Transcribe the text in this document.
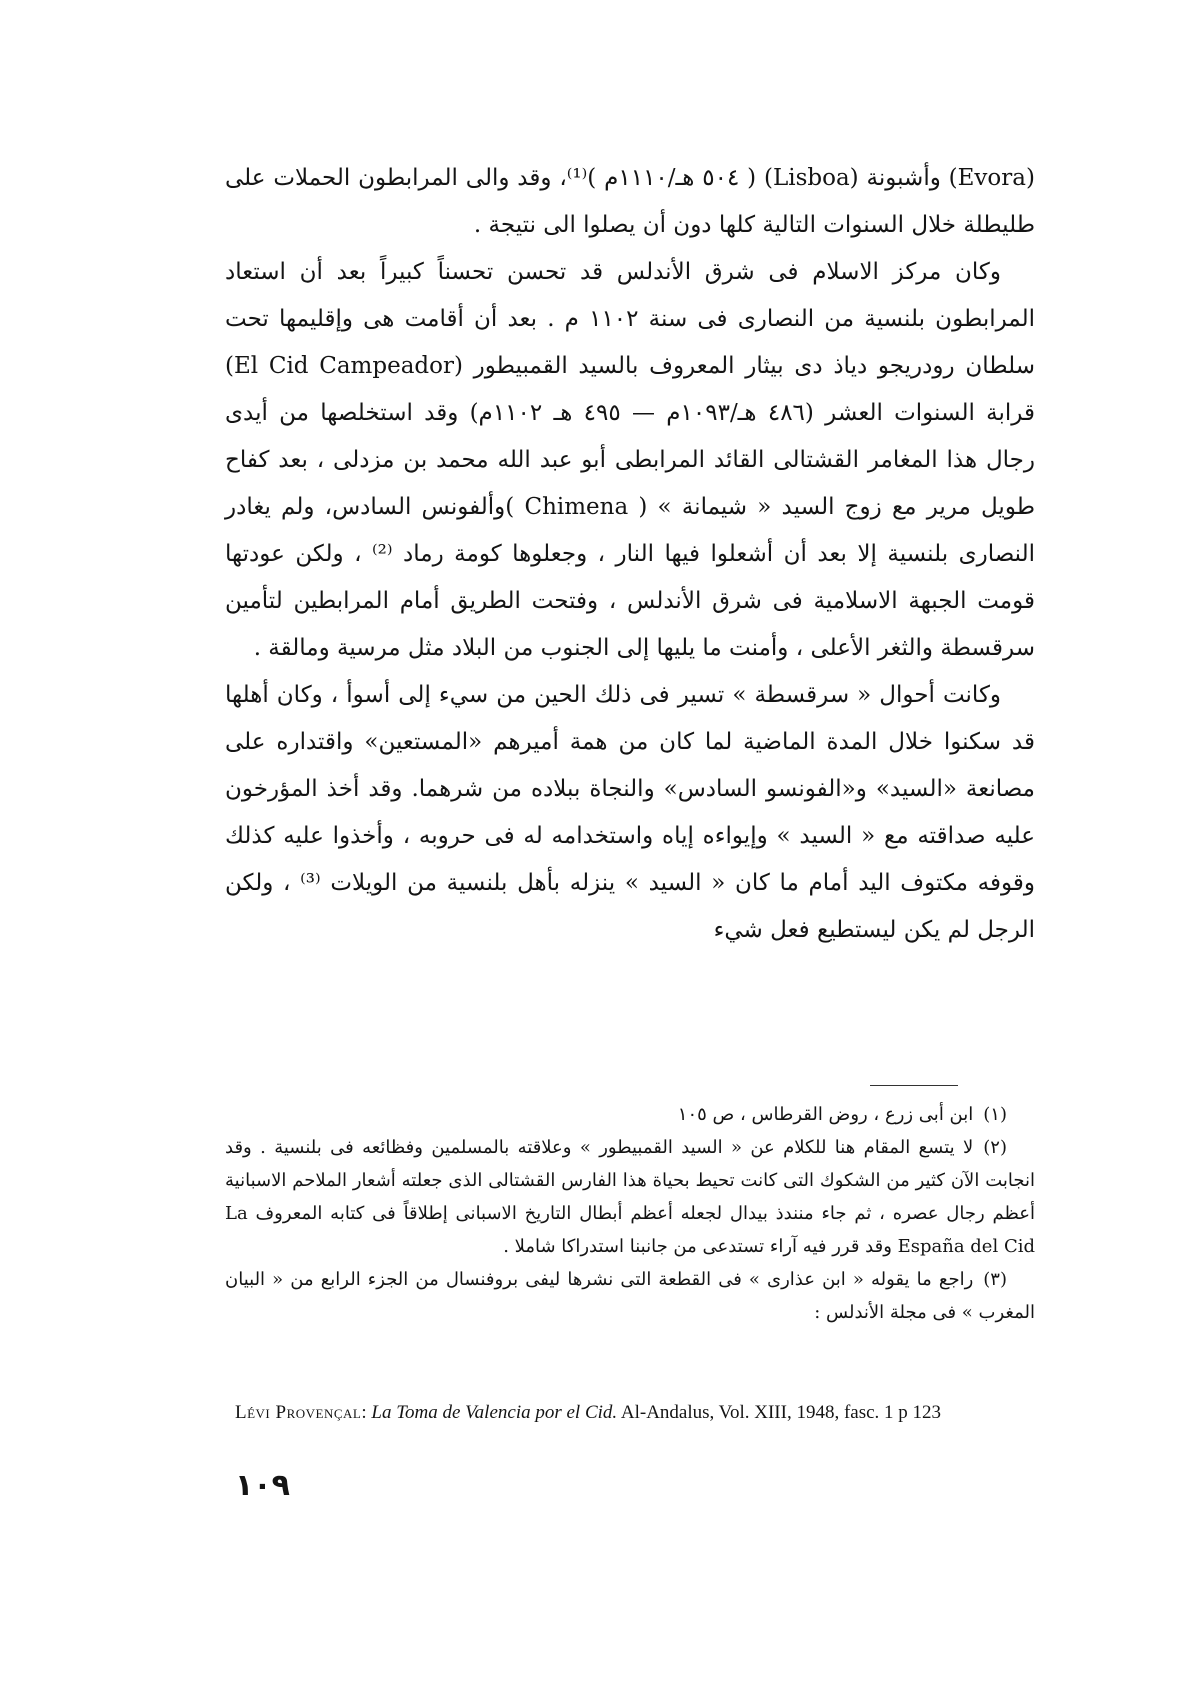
(Evora) وأشبونة (Lisboa) ( ٥٠٤ هـ/١١١٠م )⁽¹⁾، وقد والى المرابطون الحملات على طليطلة خلال السنوات التالية كلها دون أن يصلوا الى نتيجة .

وكان مركز الاسلام فى شرق الأندلس قد تحسن تحسناً كبيراً بعد أن استعاد المرابطون بلنسية من النصارى فى سنة ١١٠٢ م . بعد أن أقامت هى وإقليمها تحت سلطان رودريجو دياذ دى بيثار المعروف بالسيد القمبيطور (El Cid Campeador) قرابة السنوات العشر (٤٨٦ هـ/١٠٩٣م — ٤٩٥ هـ ١١٠٢م) وقد استخلصها من أيدى رجال هذا المغامر القشتالى القائد المرابطى أبو عبد الله محمد بن مزدلى ، بعد كفاح طويل مرير مع زوج السيد « شيمانة » ( Chimena )وألفونس السادس، ولم يغادر النصارى بلنسية إلا بعد أن أشعلوا فيها النار ، وجعلوها كومة رماد ⁽²⁾ ، ولكن عودتها قومت الجبهة الاسلامية فى شرق الأندلس ، وفتحت الطريق أمام المرابطين لتأمين سرقسطة والثغر الأعلى ، وأمنت ما يليها إلى الجنوب من البلاد مثل مرسية ومالقة .

وكانت أحوال « سرقسطة » تسير فى ذلك الحين من سيء إلى أسوأ ، وكان أهلها قد سكنوا خلال المدة الماضية لما كان من همة أميرهم «المستعين» واقتداره على مصانعة «السيد» و«الفونسو السادس» والنجاة ببلاده من شرهما. وقد أخذ المؤرخون عليه صداقته مع « السيد » وإيواءه إياه واستخدامه له فى حروبه ، وأخذوا عليه كذلك وقوفه مكتوف اليد أمام ما كان « السيد » ينزله بأهل بلنسية من الويلات ⁽³⁾ ، ولكن الرجل لم يكن ليستطيع فعل شيء

(١)ابن أبى زرع ، روض القرطاس ، ص ١٠٥

(٢)لا يتسع المقام هنا للكلام عن « السيد القمبيطور » وعلاقته بالمسلمين وفظائعه فى بلنسية . وقد انجابت الآن كثير من الشكوك التى كانت تحيط بحياة هذا الفارس القشتالى الذى جعلته أشعار الملاحم الاسبانية أعظم رجال عصره ، ثم جاء منندذ بيدال لجعله أعظم أبطال التاريخ الاسبانى إطلاقاً فى كتابه المعروف La España del Cid وقد قرر فيه آراء تستدعى من جانبنا استدراكا شاملا .

(٣)راجع ما يقوله « ابن عذارى » فى القطعة التى نشرها ليفى بروفنسال من الجزء الرابع من « البيان المغرب » فى مجلة الأندلس :

Lévi Provençal: La Toma de Valencia por el Cid. Al-Andalus, Vol. XIII, 1948, fasc. 1 p 123
١٠٩
